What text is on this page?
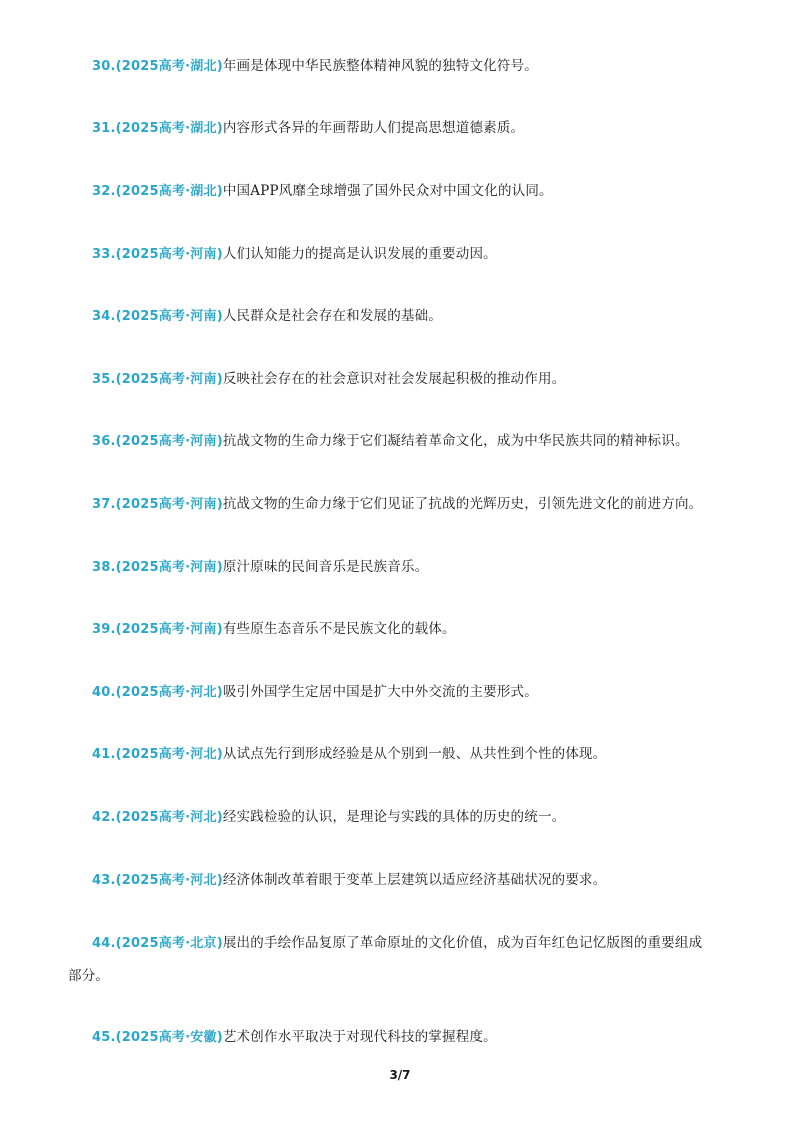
30.(2025高考·湖北)年画是体现中华民族整体精神风貌的独特文化符号。
31.(2025高考·湖北)内容形式各异的年画帮助人们提高思想道德素质。
32.(2025高考·湖北)中国APP风靡全球增强了国外民众对中国文化的认同。
33.(2025高考·河南)人们认知能力的提高是认识发展的重要动因。
34.(2025高考·河南)人民群众是社会存在和发展的基础。
35.(2025高考·河南)反映社会存在的社会意识对社会发展起积极的推动作用。
36.(2025高考·河南)抗战文物的生命力缘于它们凝结着革命文化，成为中华民族共同的精神标识。
37.(2025高考·河南)抗战文物的生命力缘于它们见证了抗战的光辉历史，引领先进文化的前进方向。
38.(2025高考·河南)原汁原味的民间音乐是民族音乐。
39.(2025高考·河南)有些原生态音乐不是民族文化的载体。
40.(2025高考·河北)吸引外国学生定居中国是扩大中外交流的主要形式。
41.(2025高考·河北)从试点先行到形成经验是从个别到一般、从共性到个性的体现。
42.(2025高考·河北)经实践检验的认识，是理论与实践的具体的历史的统一。
43.(2025高考·河北)经济体制改革着眼于变革上层建筑以适应经济基础状况的要求。
44.(2025高考·北京)展出的手绘作品复原了革命原址的文化价值，成为百年红色记忆版图的重要组成部分。
45.(2025高考·安徽)艺术创作水平取决于对现代科技的掌握程度。
3/7
